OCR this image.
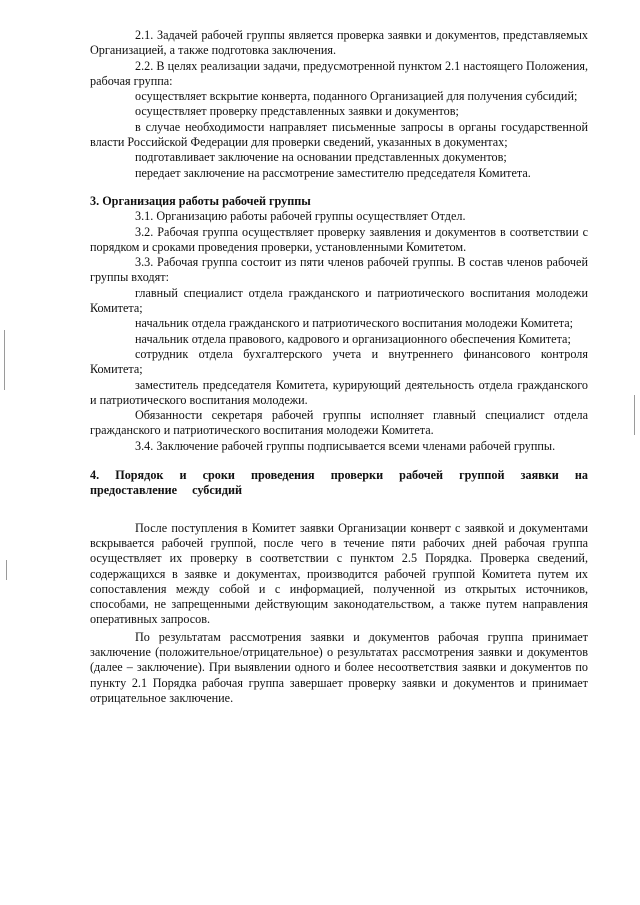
2.1. Задачей рабочей группы является проверка заявки и документов, представляемых Организацией, а также подготовка заключения.

2.2. В целях реализации задачи, предусмотренной пунктом 2.1 настоящего Положения, рабочая группа:

осуществляет вскрытие конверта, поданного Организацией для получения субсидий;

осуществляет проверку представленных заявки и документов;

в случае необходимости направляет письменные запросы в органы государственной власти Российской Федерации для проверки сведений, указанных в документах;

подготавливает заключение на основании представленных документов;

передает заключение на рассмотрение заместителю председателя Комитета.

3. Организация работы рабочей группы

3.1. Организацию работы рабочей группы осуществляет Отдел.

3.2. Рабочая группа осуществляет проверку заявления и документов в соответствии с порядком и сроками проведения проверки, установленными Комитетом.

3.3. Рабочая группа состоит из пяти членов рабочей группы. В состав членов рабочей группы входят:

главный специалист отдела гражданского и патриотического воспитания молодежи Комитета;

начальник отдела гражданского и патриотического воспитания молодежи Комитета;

начальник отдела правового, кадрового и организационного обеспечения Комитета;

сотрудник отдела бухгалтерского учета и внутреннего финансового контроля Комитета;

заместитель председателя Комитета, курирующий деятельность отдела гражданского и патриотического воспитания молодежи.

Обязанности секретаря рабочей группы исполняет главный специалист отдела гражданского и патриотического воспитания молодежи Комитета.

3.4. Заключение рабочей группы подписывается всеми членами рабочей группы.

4. Порядок и сроки проведения проверки рабочей группой заявки на предоставление субсидий

После поступления в Комитет заявки Организации конверт с заявкой и документами вскрывается рабочей группой, после чего в течение пяти рабочих дней рабочая группа осуществляет их проверку в соответствии с пунктом 2.5 Порядка. Проверка сведений, содержащихся в заявке и документах, производится рабочей группой Комитета путем их сопоставления между собой и с информацией, полученной из открытых источников, способами, не запрещенными действующим законодательством, а также путем направления оперативных запросов.

По результатам рассмотрения заявки и документов рабочая группа принимает заключение (положительное/отрицательное) о результатах рассмотрения заявки и документов (далее – заключение). При выявлении одного и более несоответствия заявки и документов по пункту 2.1 Порядка рабочая группа завершает проверку заявки и документов и принимает отрицательное заключение.
